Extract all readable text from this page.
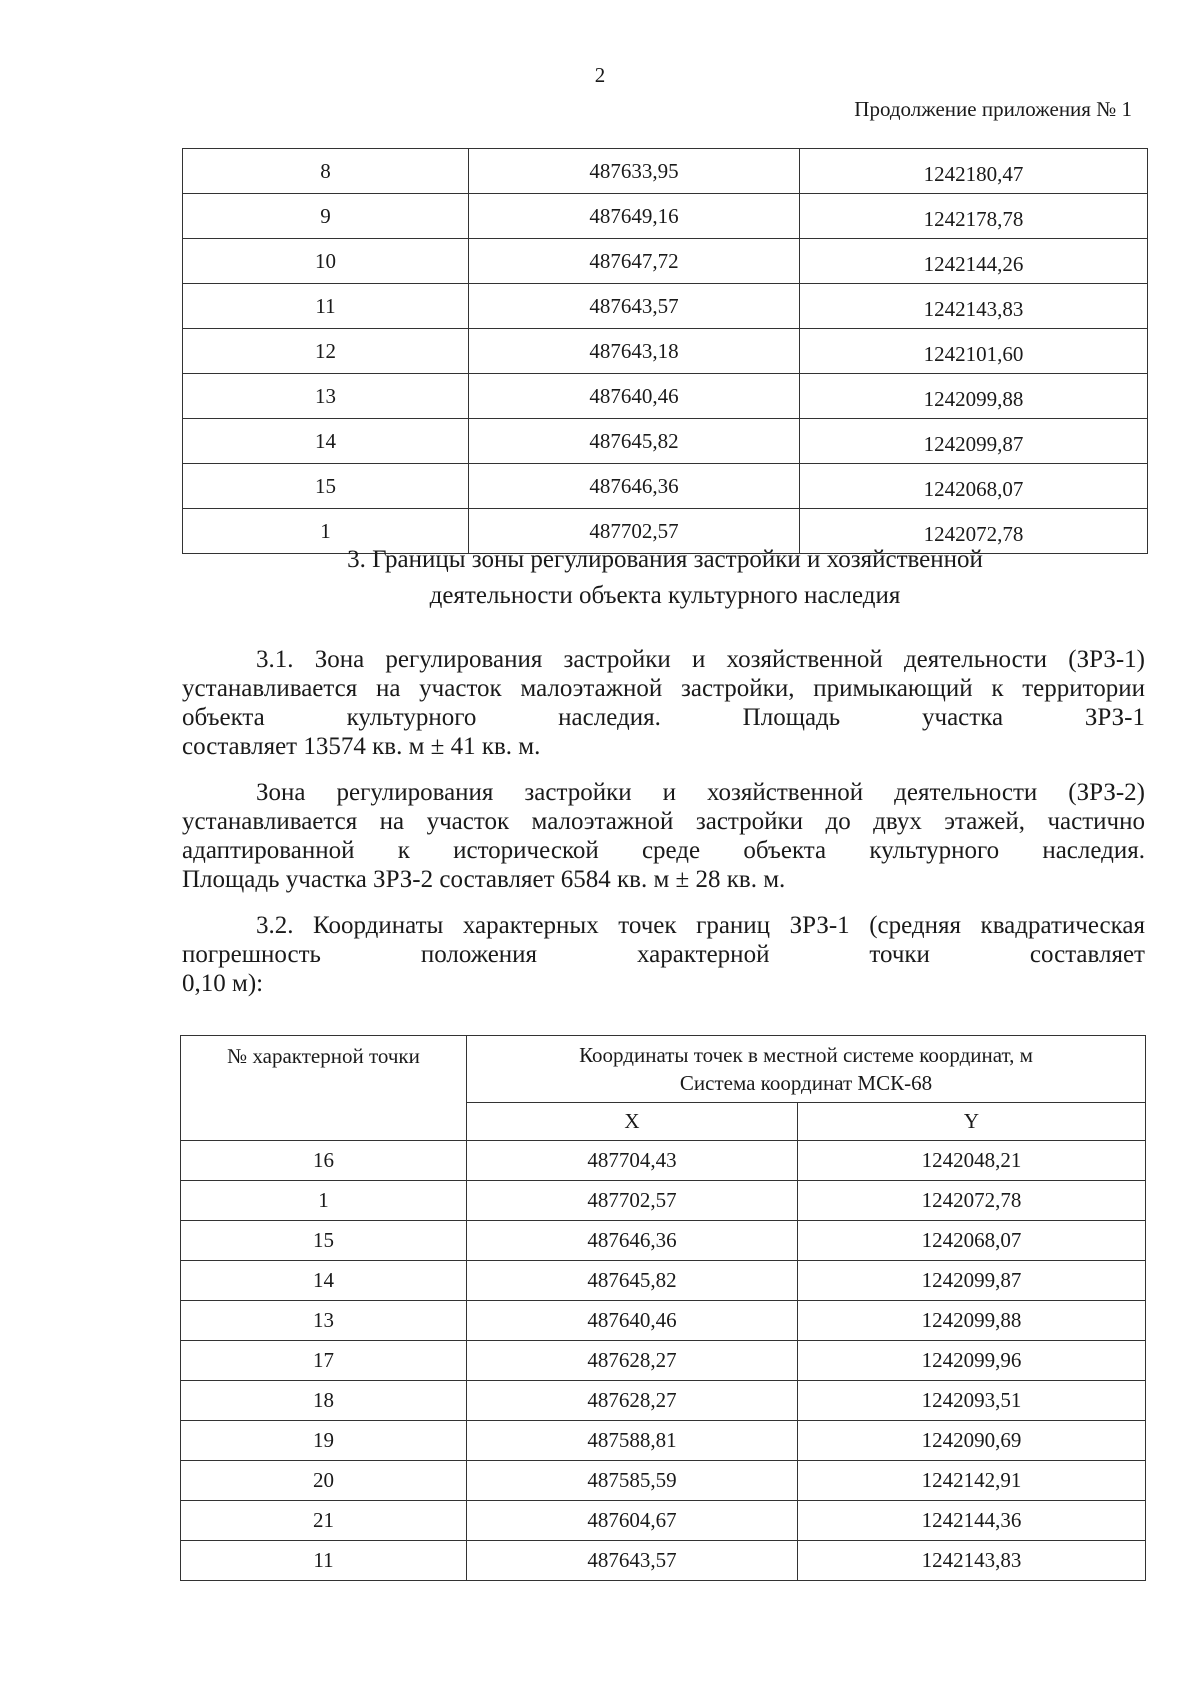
2
Продолжение приложения № 1
8	487633,95	1242180,47
9	487649,16	1242178,78
10	487647,72	1242144,26
11	487643,57	1242143,83
12	487643,18	1242101,60
13	487640,46	1242099,88
14	487645,82	1242099,87
15	487646,36	1242068,07
1	487702,57	1242072,78
3. Границы зоны регулирования застройки и хозяйственной
деятельности объекта культурного наследия
3.1. Зона регулирования застройки и хозяйственной деятельности (ЗРЗ-1) устанавливается на участок малоэтажной застройки, примыкающий к территории объекта культурного наследия. Площадь участка ЗРЗ-1
составляет 13574 кв. м ± 41 кв. м.
Зона регулирования застройки и хозяйственной деятельности (ЗРЗ-2) устанавливается на участок малоэтажной застройки до двух этажей, частично адаптированной к исторической среде объекта культурного наследия.
Площадь участка ЗРЗ-2 составляет 6584 кв. м ± 28 кв. м.
3.2. Координаты характерных точек границ ЗРЗ-1 (средняя квадратическая погрешность положения характерной точки составляет
0,10 м):
№ характерной точки	Координаты точек в местной системе координат, м
Система координат МСК-68	

	X	Y
16	487704,43	1242048,21
1	487702,57	1242072,78
15	487646,36	1242068,07
14	487645,82	1242099,87
13	487640,46	1242099,88
17	487628,27	1242099,96
18	487628,27	1242093,51
19	487588,81	1242090,69
20	487585,59	1242142,91
21	487604,67	1242144,36
11	487643,57	1242143,83
